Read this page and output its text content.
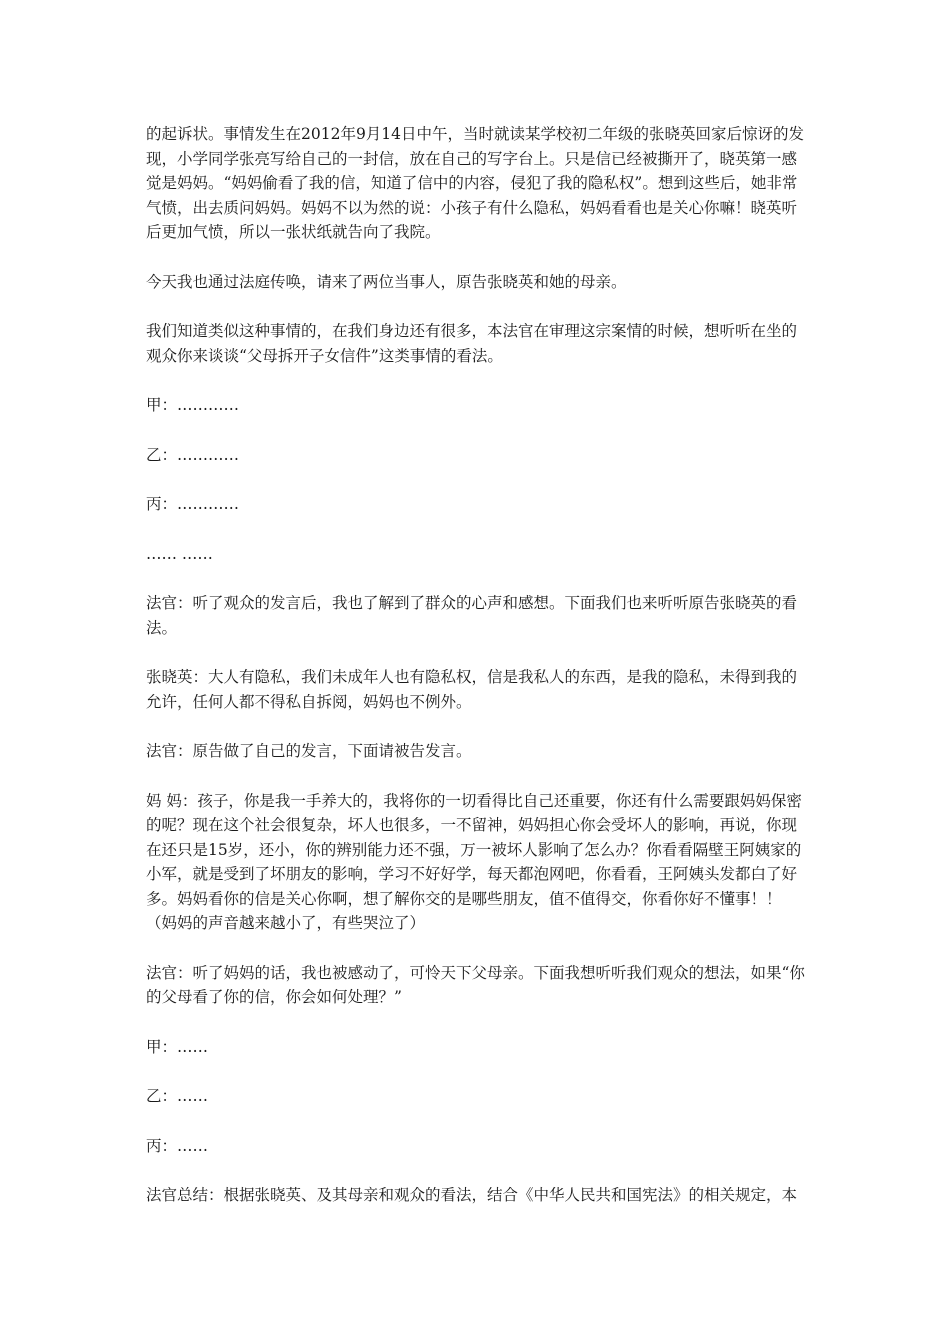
的起诉状。事情发生在2012年9月14日中午，当时就读某学校初二年级的张晓英回家后惊讶的发现，小学同学张亮写给自己的一封信，放在自己的写字台上。只是信已经被撕开了，晓英第一感觉是妈妈。“妈妈偷看了我的信，知道了信中的内容，侵犯了我的隐私权”。想到这些后，她非常气愤，出去质问妈妈。妈妈不以为然的说：小孩子有什么隐私，妈妈看看也是关心你嘛！晓英听后更加气愤，所以一张状纸就告向了我院。

今天我也通过法庭传唤，请来了两位当事人，原告张晓英和她的母亲。

我们知道类似这种事情的，在我们身边还有很多，本法官在审理这宗案情的时候，想听听在坐的观众你来谈谈“父母拆开子女信件”这类事情的看法。

甲：…………

乙：…………

丙：…………

…… ……

法官：听了观众的发言后，我也了解到了群众的心声和感想。下面我们也来听听原告张晓英的看法。

张晓英：大人有隐私，我们未成年人也有隐私权，信是我私人的东西，是我的隐私，未得到我的允许，任何人都不得私自拆阅，妈妈也不例外。

法官：原告做了自己的发言，下面请被告发言。

妈 妈：孩子，你是我一手养大的，我将你的一切看得比自己还重要，你还有什么需要跟妈妈保密的呢？现在这个社会很复杂，坏人也很多，一不留神，妈妈担心你会受坏人的影响，再说，你现在还只是15岁，还小，你的辨别能力还不强，万一被坏人影响了怎么办？你看看隔壁王阿姨家的小军，就是受到了坏朋友的影响，学习不好好学，每天都泡网吧，你看看，王阿姨头发都白了好多。妈妈看你的信是关心你啊，想了解你交的是哪些朋友，值不值得交，你看你好不懂事！！（妈妈的声音越来越小了，有些哭泣了）

法官：听了妈妈的话，我也被感动了，可怜天下父母亲。下面我想听听我们观众的想法，如果“你的父母看了你的信，你会如何处理？”

甲：……

乙：……

丙：……

法官总结：根据张晓英、及其母亲和观众的看法，结合《中华人民共和国宪法》的相关规定，本
